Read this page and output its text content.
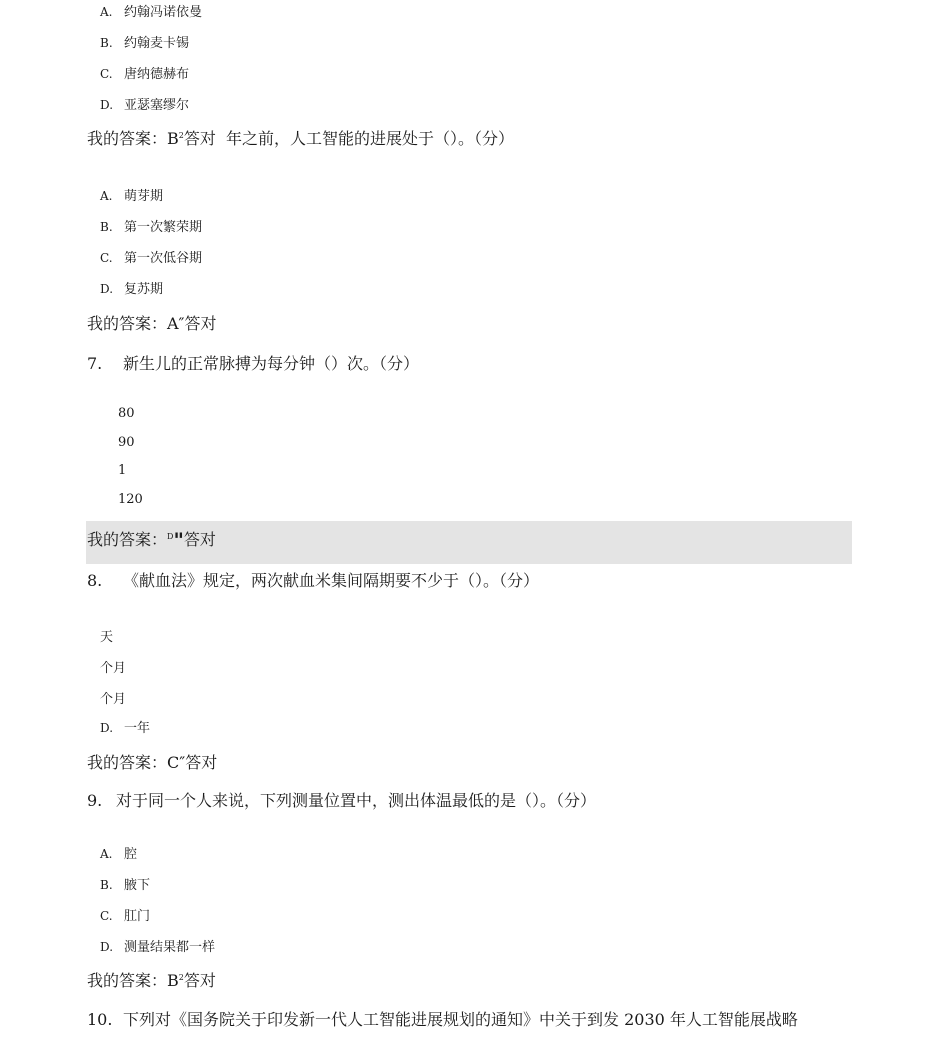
A. 约翰冯诺依曼
B. 约翰麦卡锡
C. 唐纳德赫布
D. 亚瑟塞缪尔
我的答案：$B^2$答对 年之前，人工智能的进展处于（）。（分）
A. 萌芽期
B. 第一次繁荣期
C. 第一次低谷期
D. 复苏期
我的答案：A″答对
7. 新生儿的正常脉搏为每分钟（）次。（分）
80
90
1
120
我的答案：$^D$"答对
8. 《献血法》规定，两次献血米集间隔期要不少于（）。（分）
天
个月
个月
D. 一年
我的答案：C″答对
9. 对于同一个人来说，下列测量位置中，测出体温最低的是（）。（分）
A. 腔
B. 腋下
C. 肛门
D. 测量结果都一样
我的答案：$B^2$答对
10. 下列对《国务院关于印发新一代人工智能进展规划的通知》中关于到发 2030 年人工智能展战略
